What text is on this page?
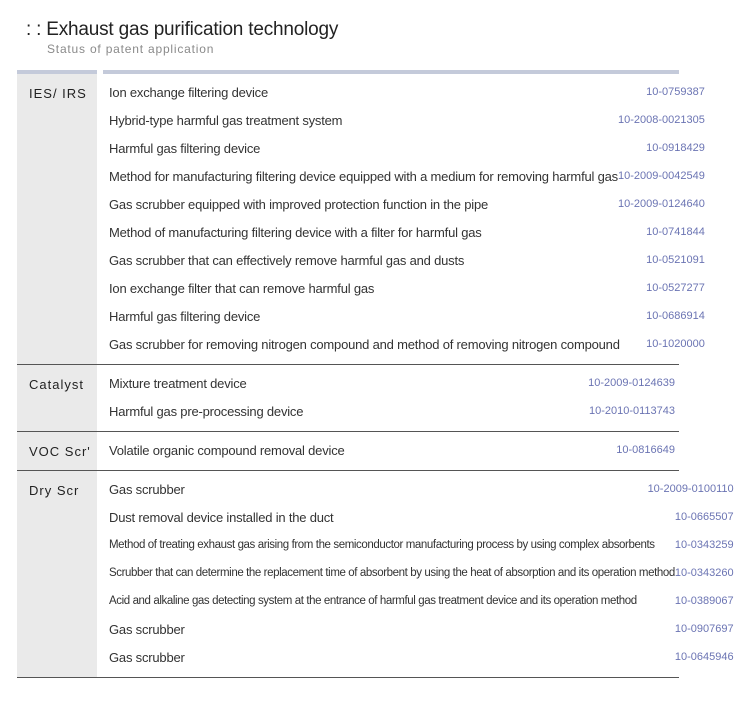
: : Exhaust gas purification technology
Status of patent application
IES/ IRS	Ion exchange filtering device	10-0759387
Hybrid-type harmful gas treatment system	10-2008-0021305
Harmful gas filtering device	10-0918429
Method for manufacturing filtering device equipped with a medium for removing harmful gas 10-2009-0042549
Gas scrubber equipped with improved protection function in the pipe	10-2009-0124640
Method of manufacturing filtering device with a filter for harmful gas	10-0741844
Gas scrubber that can effectively remove harmful gas and dusts	10-0521091
Ion exchange filter that can remove harmful gas	10-0527277
Harmful gas filtering device	10-0686914
Gas scrubber for removing nitrogen compound and method of removing nitrogen compound 10-1020000
Catalyst	Mixture treatment device	10-2009-0124639
Harmful gas pre-processing device	10-2010-0113743
VOC Scr'	Volatile organic compound removal device	10-0816649
Dry Scr	Gas scrubber	10-2009-0100110
Dust removal device installed in the duct	10-0665507
Method of treating exhaust gas arising from the semiconductor manufacturing process by using complex absorbents 10-0343259
Scrubber that can determine the replacement time of absorbent by using the heat of absorption and its operation method 10-0343260
Acid and alkaline gas detecting system at the entrance of harmful gas treatment device and its operation method	10-0389067
Gas scrubber	10-0907697
Gas scrubber	10-0645946
